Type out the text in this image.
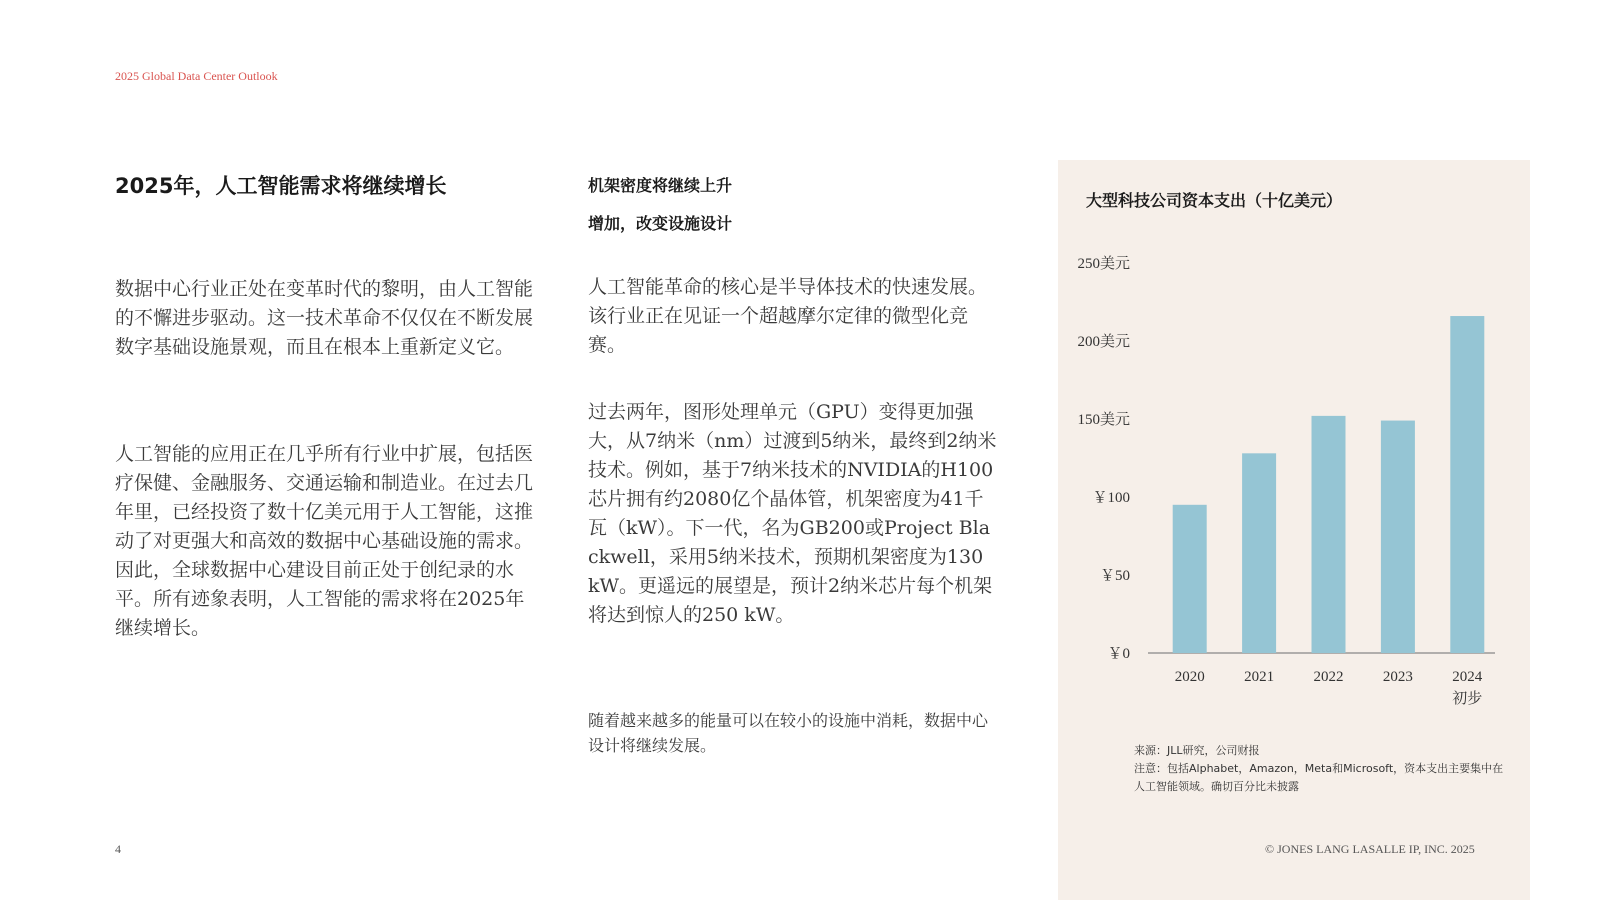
2025 Global Data Center Outlook
2025年，人工智能需求将继续增长

数据中心行业正处在变革时代的黎明，由人工智能的不懈进步驱动。这一技术革命不仅仅在不断发展数字基础设施景观，而且在根本上重新定义它。

人工智能的应用正在几乎所有行业中扩展，包括医疗保健、金融服务、交通运输和制造业。在过去几年里，已经投资了数十亿美元用于人工智能，这推动了对更强大和高效的数据中心基础设施的需求。因此，全球数据中心建设目前正处于创纪录的水平。所有迹象表明，人工智能的需求将在2025年继续增长。

机架密度将继续上升
增加，改变设施设计

人工智能革命的核心是半导体技术的快速发展。该行业正在见证一个超越摩尔定律的微型化竞赛。

过去两年，图形处理单元（GPU）变得更加强大，从7纳米（nm）过渡到5纳米，最终到2纳米技术。例如，基于7纳米技术的NVIDIA的H100芯片拥有约2080亿个晶体管，机架密度为41千瓦（kW）。下一代，名为GB200或Project Blackwell，采用5纳米技术，预期机架密度为130 kW。更遥远的展望是，预计2纳米芯片每个机架将达到惊人的250 kW。

随着越来越多的能量可以在较小的设施中消耗，数据中心设计将继续发展。

大型科技公司资本支出（十亿美元）
￥0
￥50
￥100
150美元
200美元
250美元
2020	2021	2022	2023	2024
初步
来源：JLL研究，公司财报
注意：包括Alphabet，Amazon，Meta和Microsoft，资本支出主要集中在人工智能领域。确切百分比未披露
4	© JONES LANG LASALLE IP, INC. 2025
